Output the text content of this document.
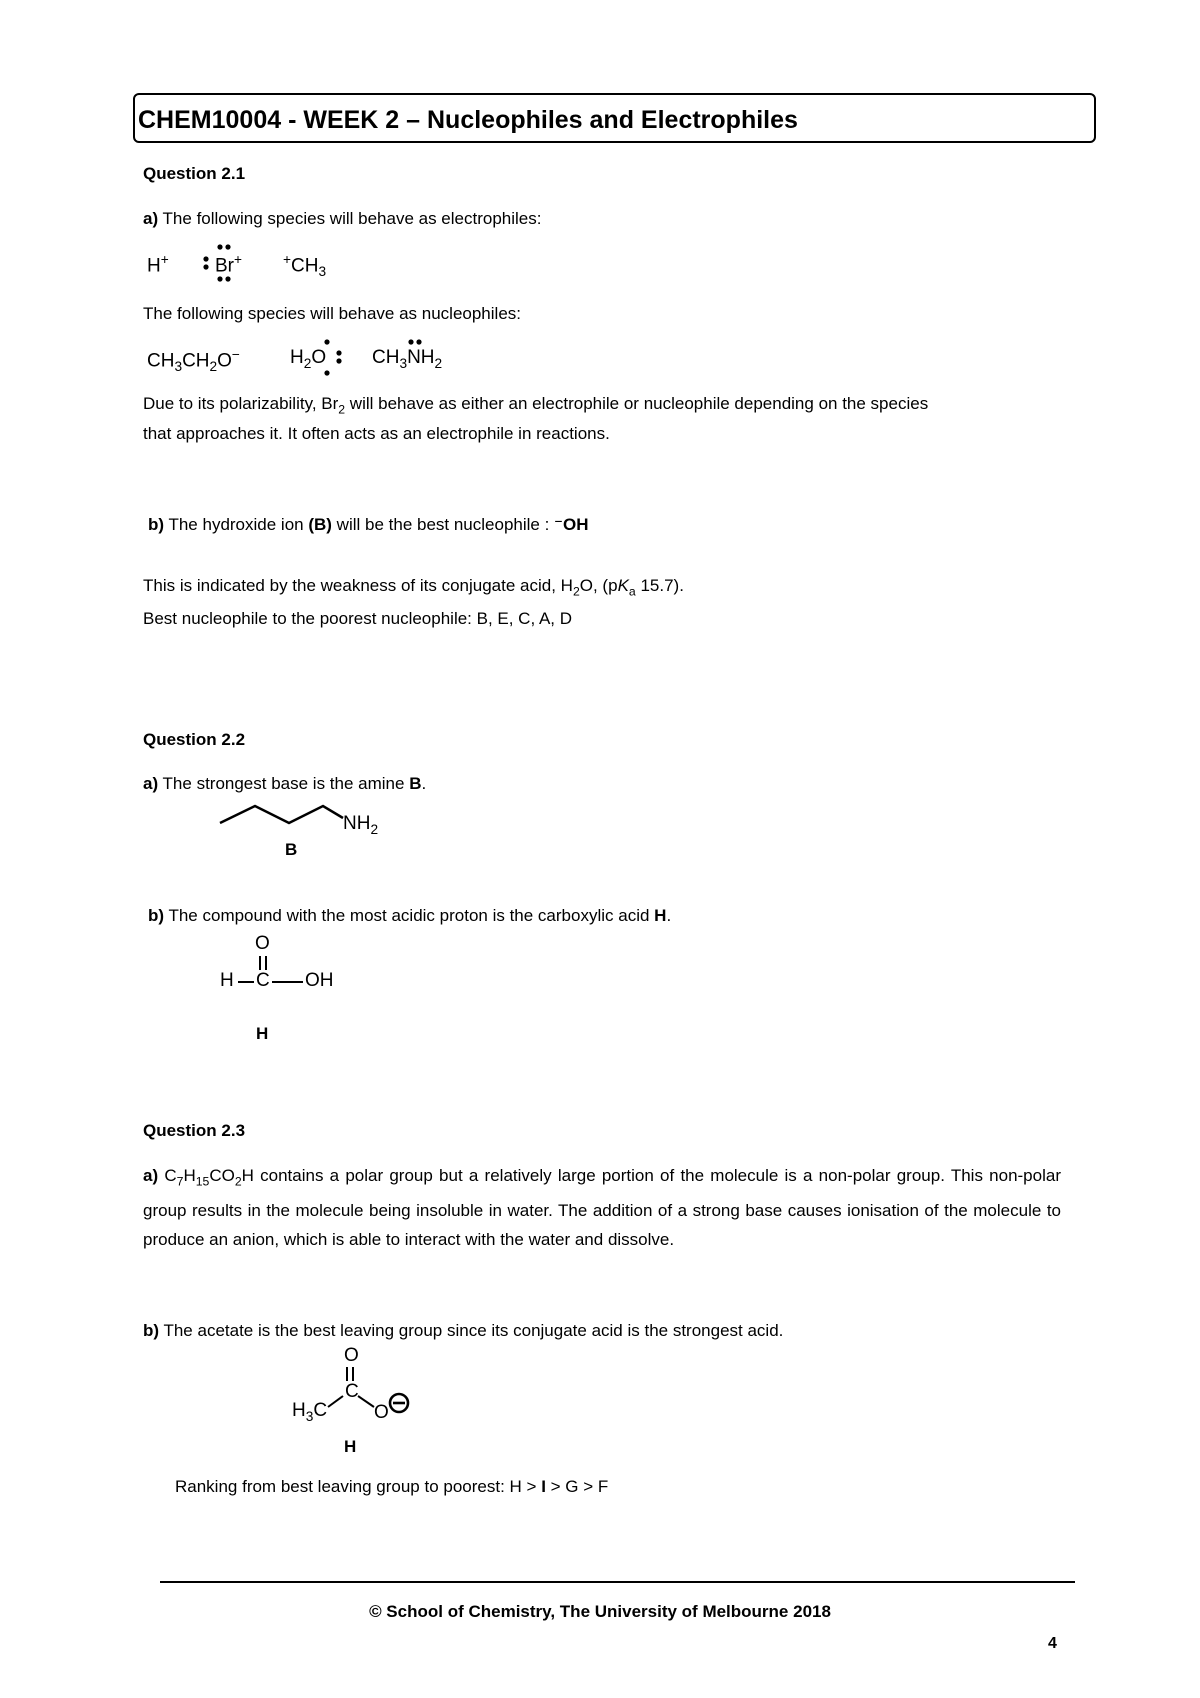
CHEM10004 - WEEK 2 – Nucleophiles and Electrophiles
Question 2.1
a) The following species will behave as electrophiles:
H+ Br+	$^+CH_3$
The following species will behave as nucleophiles:
$CH_3CH_2O^-$	$H_2O$ $CH_3NH_2$
Due to its polarizability, $Br_2$ will behave as either an electrophile or nucleophile depending on the species
that approaches it. It often acts as an electrophile in reactions.
b) The hydroxide ion (B) will be the best nucleophile : ⁻OH
This is indicated by the weakness of its conjugate acid, $H_2O$, ($pK_a$ 15.7).
Best nucleophile to the poorest nucleophile: B, E, C, A, D
Question 2.2
a) The strongest base is the amine B.
$NH_2$
B
b) The compound with the most acidic proton is the carboxylic acid H.
O
H C OH
H
Question 2.3
a) $C_7H_{15}CO_2H$ contains a polar group but a relatively large portion of the molecule is a non-polar group. This non-polar group results in the molecule being insoluble in water. The addition of a strong base causes ionisation of the molecule to produce an anion, which is able to interact with the water and dissolve.
b) The acetate is the best leaving group since its conjugate acid is the strongest acid.
O
C
$H_3C$ O
H
Ranking from best leaving group to poorest: H > I > G > F
© School of Chemistry, The University of Melbourne 2018
4
